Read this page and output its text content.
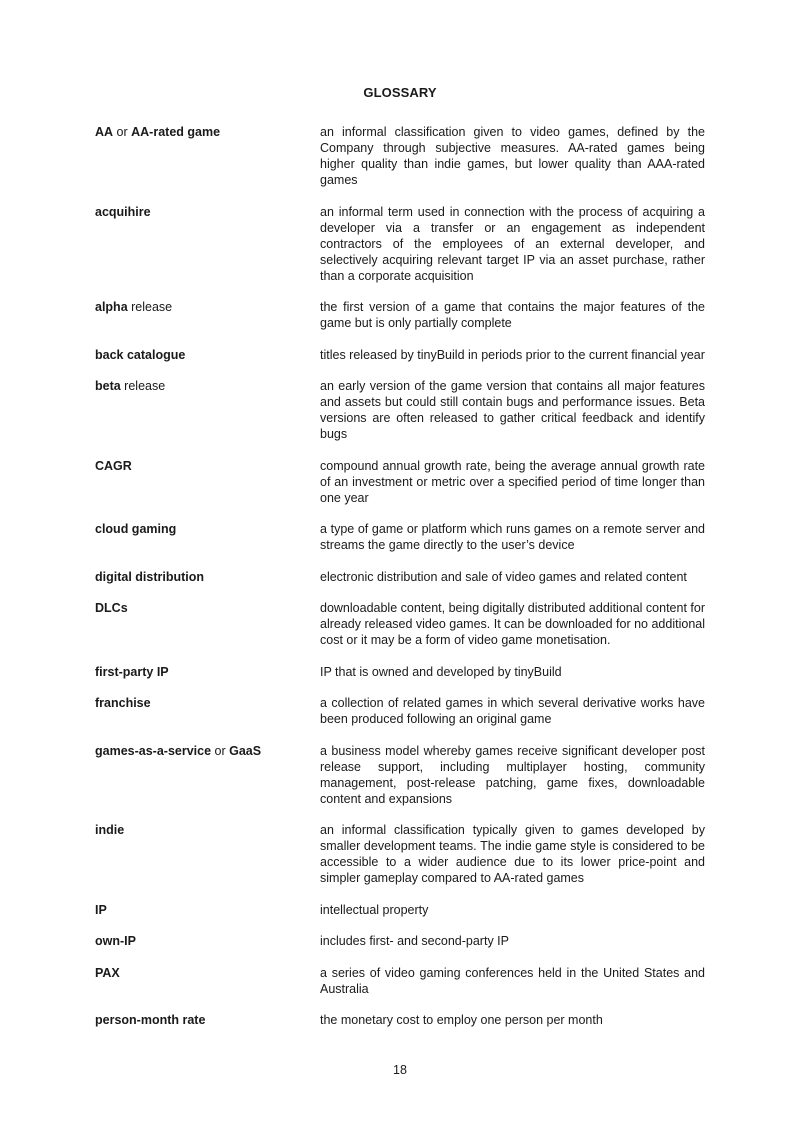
GLOSSARY
AA or AA-rated game	an informal classification given to video games, defined by the Company through subjective measures. AA-rated games being higher quality than indie games, but lower quality than AAA-rated games
acquihire	an informal term used in connection with the process of acquiring a developer via a transfer or an engagement as independent contractors of the employees of an external developer, and selectively acquiring relevant target IP via an asset purchase, rather than a corporate acquisition
alpha release	the first version of a game that contains the major features of the game but is only partially complete
back catalogue	titles released by tinyBuild in periods prior to the current financial year
beta release	an early version of the game version that contains all major features and assets but could still contain bugs and performance issues. Beta versions are often released to gather critical feedback and identify bugs
CAGR	compound annual growth rate, being the average annual growth rate of an investment or metric over a specified period of time longer than one year
cloud gaming	a type of game or platform which runs games on a remote server and streams the game directly to the user’s device
digital distribution	electronic distribution and sale of video games and related content
DLCs	downloadable content, being digitally distributed additional content for already released video games. It can be downloaded for no additional cost or it may be a form of video game monetisation.
first-party IP	IP that is owned and developed by tinyBuild
franchise	a collection of related games in which several derivative works have been produced following an original game
games-as-a-service or GaaS	a business model whereby games receive significant developer post release support, including multiplayer hosting, community management, post-release patching, game fixes, downloadable content and expansions
indie	an informal classification typically given to games developed by smaller development teams. The indie game style is considered to be accessible to a wider audience due to its lower price-point and simpler gameplay compared to AA-rated games
IP	intellectual property
own-IP	includes first- and second-party IP
PAX	a series of video gaming conferences held in the United States and Australia
person-month rate	the monetary cost to employ one person per month
18
